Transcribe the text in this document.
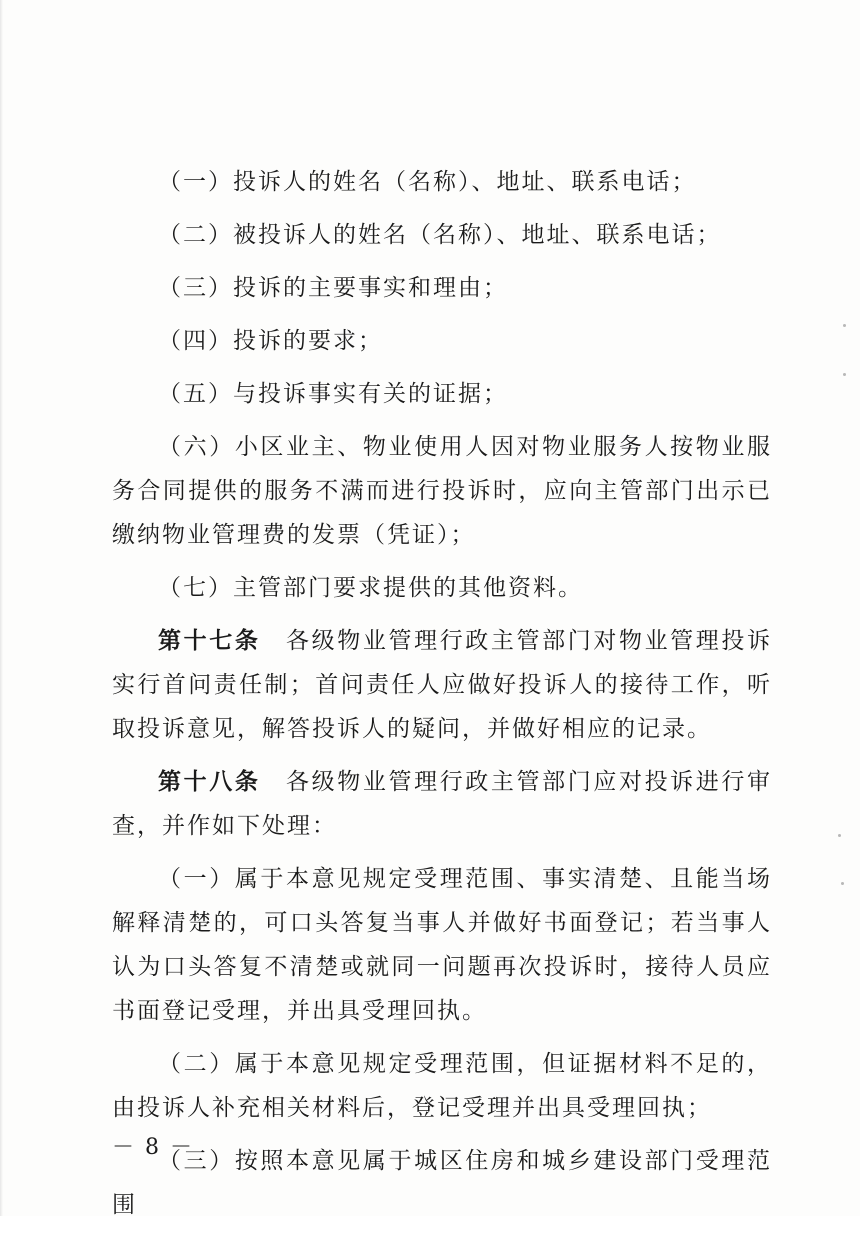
（一）投诉人的姓名（名称）、地址、联系电话；

（二）被投诉人的姓名（名称）、地址、联系电话；

（三）投诉的主要事实和理由；

（四）投诉的要求；

（五）与投诉事实有关的证据；

（六）小区业主、物业使用人因对物业服务人按物业服务合同提供的服务不满而进行投诉时，应向主管部门出示已缴纳物业管理费的发票（凭证）；

（七）主管部门要求提供的其他资料。

第十七条　 各级物业管理行政主管部门对物业管理投诉实行首问责任制；首问责任人应做好投诉人的接待工作，听取投诉意见，解答投诉人的疑问，并做好相应的记录。

第十八条　 各级物业管理行政主管部门应对投诉进行审查，并作如下处理：

（一）属于本意见规定受理范围、事实清楚、且能当场解释清楚的，可口头答复当事人并做好书面登记；若当事人认为口头答复不清楚或就同一问题再次投诉时，接待人员应书面登记受理，并出具受理回执。

（二）属于本意见规定受理范围，但证据材料不足的，由投诉人补充相关材料后，登记受理并出具受理回执；

（三）按照本意见属于城区住房和城乡建设部门受理范围

－ 8 －
